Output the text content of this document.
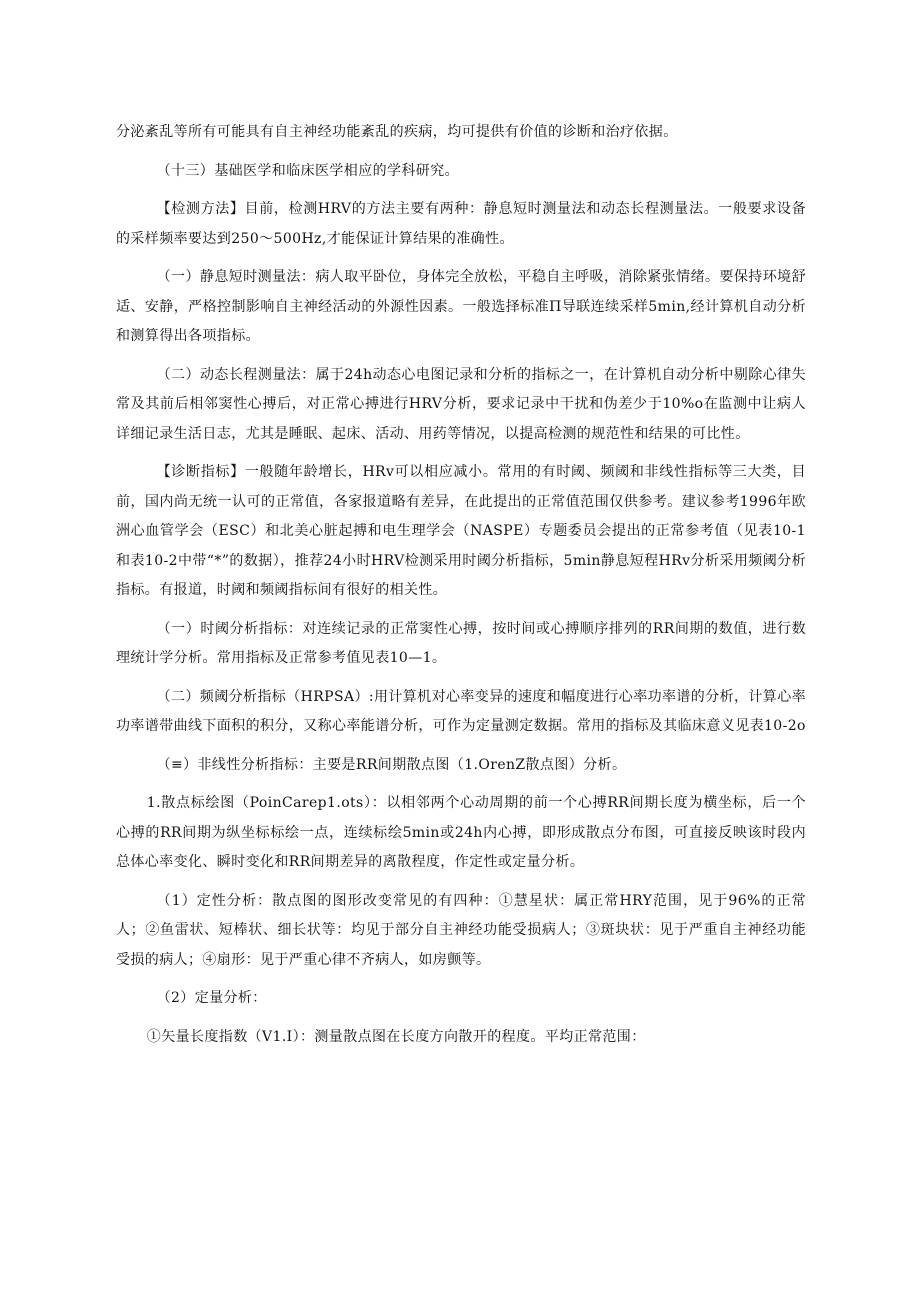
分泌紊乱等所有可能具有自主神经功能紊乱的疾病，均可提供有价值的诊断和治疗依据。

（十三）基础医学和临床医学相应的学科研究。

【检测方法】目前，检测HRV的方法主要有两种：静息短时测量法和动态长程测量法。一般要求设备的采样频率要达到250～500Hz,才能保证计算结果的准确性。

（一）静息短时测量法：病人取平卧位，身体完全放松，平稳自主呼吸，消除紧张情绪。要保持环境舒适、安静，严格控制影响自主神经活动的外源性因素。一般选择标准Π导联连续采样5min,经计算机自动分析和测算得出各项指标。

（二）动态长程测量法：属于24h动态心电图记录和分析的指标之一，在计算机自动分析中剔除心律失常及其前后相邻窦性心搏后，对正常心搏进行HRV分析，要求记录中干扰和伪差少于10%o在监测中让病人详细记录生活日志，尤其是睡眠、起床、活动、用药等情况，以提高检测的规范性和结果的可比性。

【诊断指标】一般随年龄增长，HRv可以相应减小。常用的有时阈、频阈和非线性指标等三大类，目前，国内尚无统一认可的正常值，各家报道略有差异，在此提出的正常值范围仅供参考。建议参考1996年欧洲心血管学会（ESC）和北美心脏起搏和电生理学会（NASPE）专题委员会提出的正常参考值（见表10-1和表10-2中带“*”的数据），推荐24小时HRV检测采用时阈分析指标，5min静息短程HRv分析采用频阈分析指标。有报道，时阈和频阈指标间有很好的相关性。

（一）时阈分析指标：对连续记录的正常窦性心搏，按时间或心搏顺序排列的RR间期的数值，进行数理统计学分析。常用指标及正常参考值见表10—1。

（二）频阈分析指标（HRPSA）:用计算机对心率变异的速度和幅度进行心率功率谱的分析，计算心率功率谱带曲线下面积的积分，又称心率能谱分析，可作为定量测定数据。常用的指标及其临床意义见表10-2o

（≡）非线性分析指标：主要是RR间期散点图（1.OrenZ散点图）分析。

1.散点标绘图（PoinCarep1.ots）：以相邻两个心动周期的前一个心搏RR间期长度为横坐标，后一个心搏的RR间期为纵坐标标绘一点，连续标绘5min或24h内心搏，即形成散点分布图，可直接反映该时段内总体心率变化、瞬时变化和RR间期差异的离散程度，作定性或定量分析。

（1）定性分析：散点图的图形改变常见的有四种：①慧星状：属正常HRY范围，见于96%的正常人；②鱼雷状、短棒状、细长状等：均见于部分自主神经功能受损病人；③斑块状：见于严重自主神经功能受损的病人；④扇形：见于严重心律不齐病人，如房颤等。

（2）定量分析：

①矢量长度指数（V1.I）：测量散点图在长度方向散开的程度。平均正常范围：
